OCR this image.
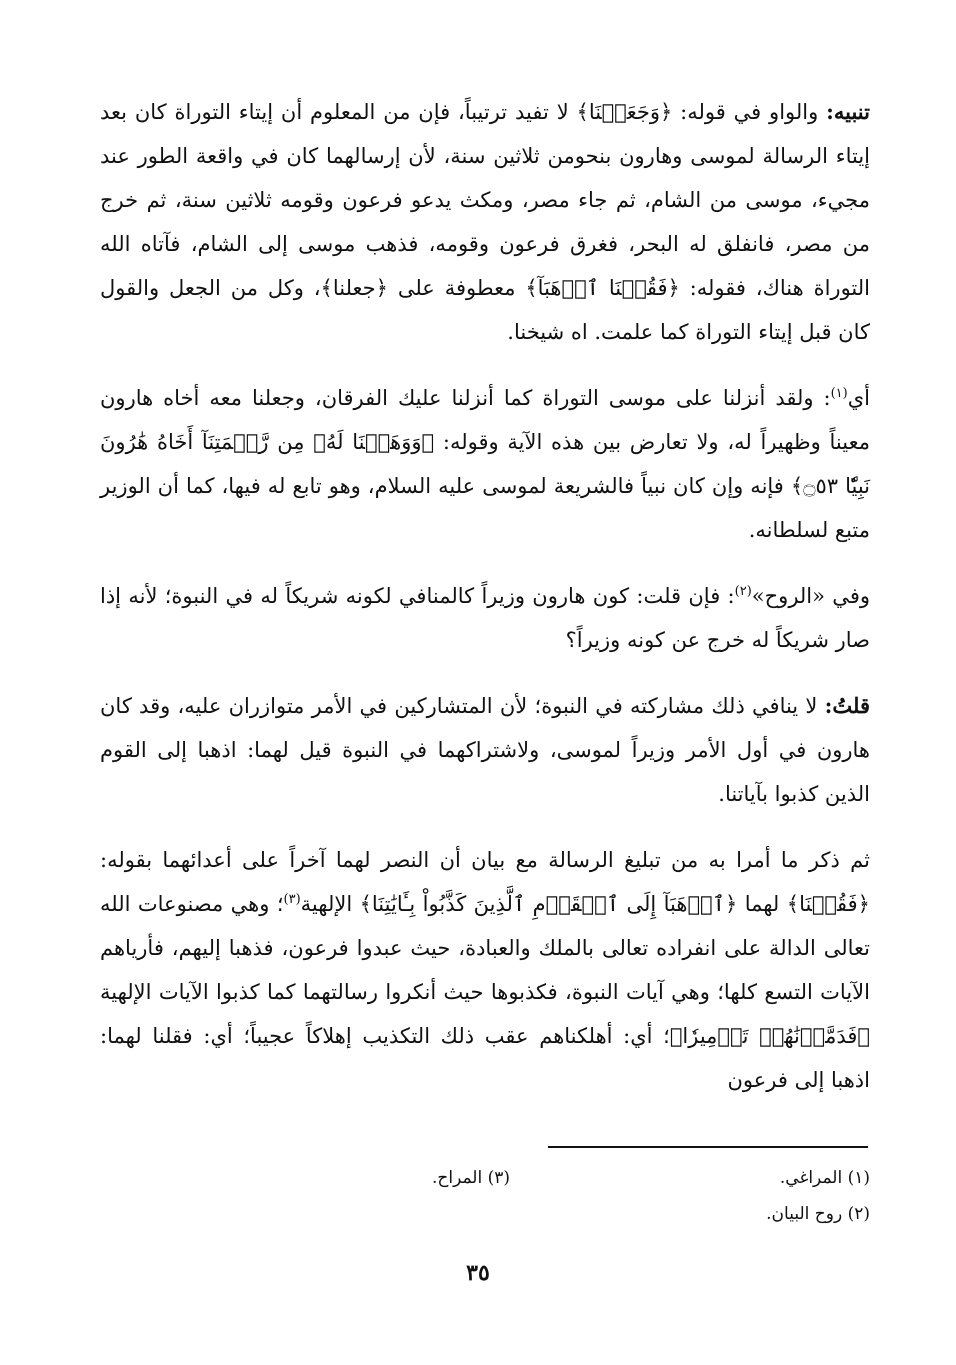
تنبيه: والواو في قوله: ﴿وَجَعَلۡنَا﴾ لا تفيد ترتيباً، فإن من المعلوم أن إيتاء التوراة كان بعد إيتاء الرسالة لموسى وهارون بنحومن ثلاثين سنة، لأن إرسالهما كان في واقعة الطور عند مجيء، موسى من الشام، ثم جاء مصر، ومكث يدعو فرعون وقومه ثلاثين سنة، ثم خرج من مصر، فانفلق له البحر، فغرق فرعون وقومه، فذهب موسى إلى الشام، فآتاه الله التوراة هناك، فقوله: ﴿فَقُلۡنَا ٱذۡهَبَآ﴾ معطوفة على ﴿جعلنا﴾، وكل من الجعل والقول كان قبل إيتاء التوراة كما علمت. اه شيخنا.

أي$^{(١)}$: ولقد أنزلنا على موسى التوراة كما أنزلنا عليك الفرقان، وجعلنا معه أخاه هارون معيناً وظهيراً له، ولا تعارض بين هذه الآية وقوله: ﴿وَوَهَبۡنَا لَهُۥ مِن رَّحۡمَتِنَآ أَخَاهُ هَٰرُونَ نَبِيّٗا ۝٥٣﴾ فإنه وإن كان نبياً فالشريعة لموسى عليه السلام، وهو تابع له فيها، كما أن الوزير متبع لسلطانه.

وفي «الروح»$^{(٢)}$: فإن قلت: كون هارون وزيراً كالمنافي لكونه شريكاً له في النبوة؛ لأنه إذا صار شريكاً له خرج عن كونه وزيراً؟

قلتُ: لا ينافي ذلك مشاركته في النبوة؛ لأن المتشاركين في الأمر متوازران عليه، وقد كان هارون في أول الأمر وزيراً لموسى، ولاشتراكهما في النبوة قيل لهما: اذهبا إلى القوم الذين كذبوا بآياتنا.

ثم ذكر ما أمرا به من تبليغ الرسالة مع بيان أن النصر لهما آخراً على أعدائهما بقوله: ﴿فَقُلۡنَا﴾ لهما ﴿ٱذۡهَبَآ إِلَى ٱلۡقَوۡمِ ٱلَّذِينَ كَذَّبُواْ بِـَٔايَٰتِنَا﴾ الإلهية$^{(٣)}$؛ وهي مصنوعات الله تعالى الدالة على انفراده تعالى بالملك والعبادة، حيث عبدوا فرعون، فذهبا إليهم، فأرياهم الآيات التسع كلها؛ وهي آيات النبوة، فكذبوها حيث أنكروا رسالتهما كما كذبوا الآيات الإلهية ﴿فَدَمَّرۡنَٰهُمۡ تَدۡمِيرٗا﴾؛ أي: أهلكناهم عقب ذلك التكذيب إهلاكاً عجيباً؛ أي: فقلنا لهما: اذهبا إلى فرعون

(١) المراغي.
(٣) المراح.
(٢) روح البيان.
٣٥
